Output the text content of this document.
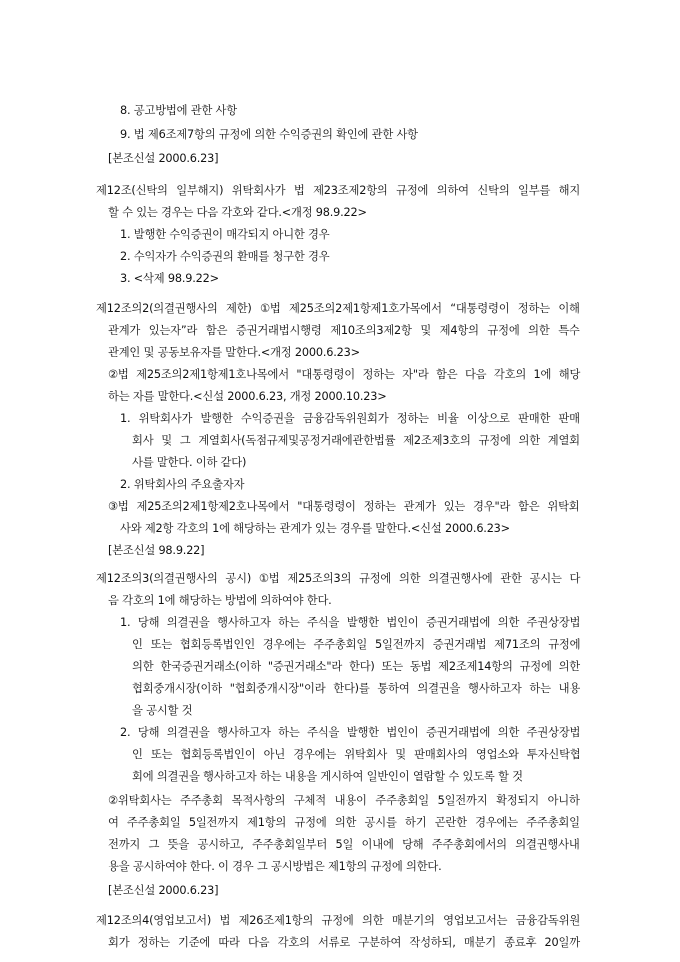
8. 공고방법에 관한 사항
9. 법 제6조제7항의 규정에 의한 수익증권의 확인에 관한 사항
[본조신설 2000.6.23]
제12조(신탁의 일부해지) 위탁회사가 법 제23조제2항의 규정에 의하여 신탁의 일부를 해지
할 수 있는 경우는 다음 각호와 같다.<개정 98.9.22>
1. 발행한 수익증권이 매각되지 아니한 경우
2. 수익자가 수익증권의 환매를 청구한 경우
3. <삭제 98.9.22>
제12조의2(의결권행사의 제한) ①법 제25조의2제1항제1호가목에서 “대통령령이 정하는 이해
관계가 있는자”라 함은 증권거래법시행령 제10조의3제2항 및 제4항의 규정에 의한 특수
관계인 및 공동보유자를 말한다.<개정 2000.6.23>
②법 제25조의2제1항제1호나목에서 "대통령령이 정하는 자"라 함은 다음 각호의 1에 해당
하는 자를 말한다.<신설 2000.6.23, 개정 2000.10.23>
1. 위탁회사가 발행한 수익증권을 금융감독위원회가 정하는 비율 이상으로 판매한 판매
회사 및 그 계열회사(독점규제및공정거래에관한법률 제2조제3호의 규정에 의한 계열회
사를 말한다. 이하 같다)
2. 위탁회사의 주요출자자
③법 제25조의2제1항제2호나목에서 "대통령령이 정하는 관계가 있는 경우"라 함은 위탁회
사와 제2항 각호의 1에 해당하는 관계가 있는 경우를 말한다.<신설 2000.6.23>
[본조신설 98.9.22]
제12조의3(의결권행사의 공시) ①법 제25조의3의 규정에 의한 의결권행사에 관한 공시는 다
음 각호의 1에 해당하는 방법에 의하여야 한다.
1. 당해 의결권을 행사하고자 하는 주식을 발행한 법인이 증권거래법에 의한 주권상장법
인 또는 협회등록법인인 경우에는 주주총회일 5일전까지 증권거래법 제71조의 규정에
의한 한국증권거래소(이하 "증권거래소"라 한다) 또는 동법 제2조제14항의 규정에 의한
협회중개시장(이하 "협회중개시장"이라 한다)를 통하여 의결권을 행사하고자 하는 내용
을 공시할 것
2. 당해 의결권을 행사하고자 하는 주식을 발행한 법인이 증권거래법에 의한 주권상장법
인 또는 협회등록법인이 아닌 경우에는 위탁회사 및 판매회사의 영업소와 투자신탁협
회에 의결권을 행사하고자 하는 내용을 게시하여 일반인이 열람할 수 있도록 할 것
②위탁회사는 주주총회 목적사항의 구체적 내용이 주주총회일 5일전까지 확정되지 아니하
여 주주총회일 5일전까지 제1항의 규정에 의한 공시를 하기 곤란한 경우에는 주주총회일
전까지 그 뜻을 공시하고, 주주총회일부터 5일 이내에 당해 주주총회에서의 의결권행사내
용을 공시하여야 한다. 이 경우 그 공시방법은 제1항의 규정에 의한다.
[본조신설 2000.6.23]
제12조의4(영업보고서) 법 제26조제1항의 규정에 의한 매분기의 영업보고서는 금융감독위원
회가 정하는 기준에 따라 다음 각호의 서류로 구분하여 작성하되, 매분기 종료후 20일까
